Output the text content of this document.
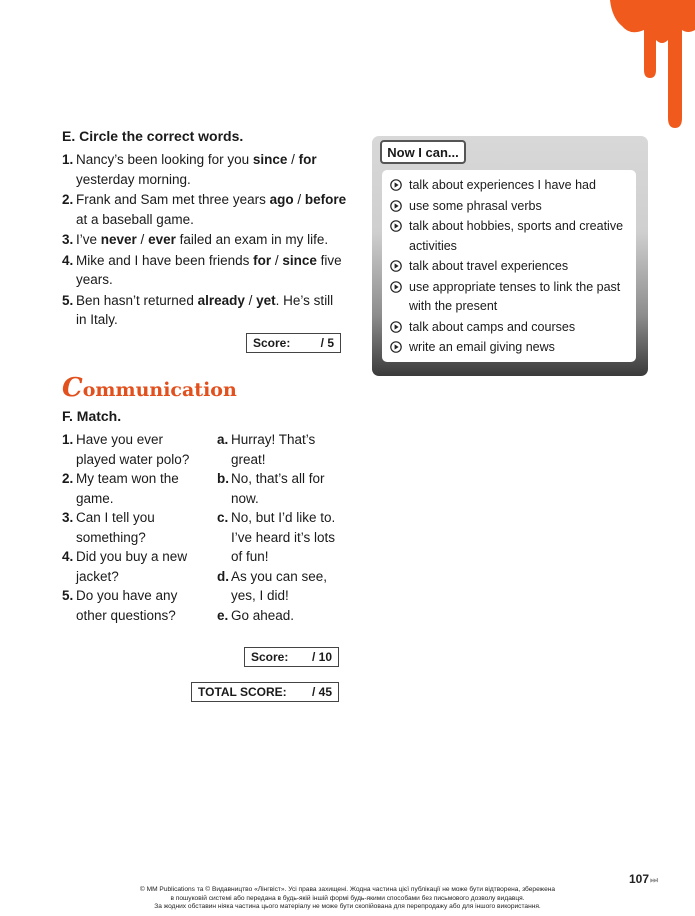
E. Circle the correct words.
1. Nancy’s been looking for you since / for yesterday morning.
2. Frank and Sam met three years ago / before at a baseball game.
3. I’ve never / ever failed an exam in my life.
4. Mike and I have been friends for / since five years.
5. Ben hasn’t returned already / yet. He’s still in Italy.
Score:	/ 5
Communication
F. Match.
1. Have you ever played water polo?
2. My team won the game.
3. Can I tell you something?
4. Did you buy a new jacket?
5. Do you have any other questions?
a. Hurray! That’s great!
b. No, that’s all for now.
c. No, but I’d like to. I’ve heard it’s lots of fun!
d. As you can see, yes, I did!
e. Go ahead.
Score:	/ 10
TOTAL SCORE:	/ 45
Now I can...
talk about experiences I have had
use some phrasal verbs
talk about hobbies, sports and creative activities
talk about travel experiences
use appropriate tenses to link the past with the present
talk about camps and courses
write an email giving news
107⏭
© MM Publications та © Видавництво «Лінгвіст». Усі права захищені. Жодна частина цієї публікації не може бути відтворена, збережена
в пошуковій системі або передана в будь-якій іншій формі будь-якими способами без письмового дозволу видавця.
За жодних обставин ніяка частина цього матеріалу не може бути скопійована для перепродажу або для іншого використання.
